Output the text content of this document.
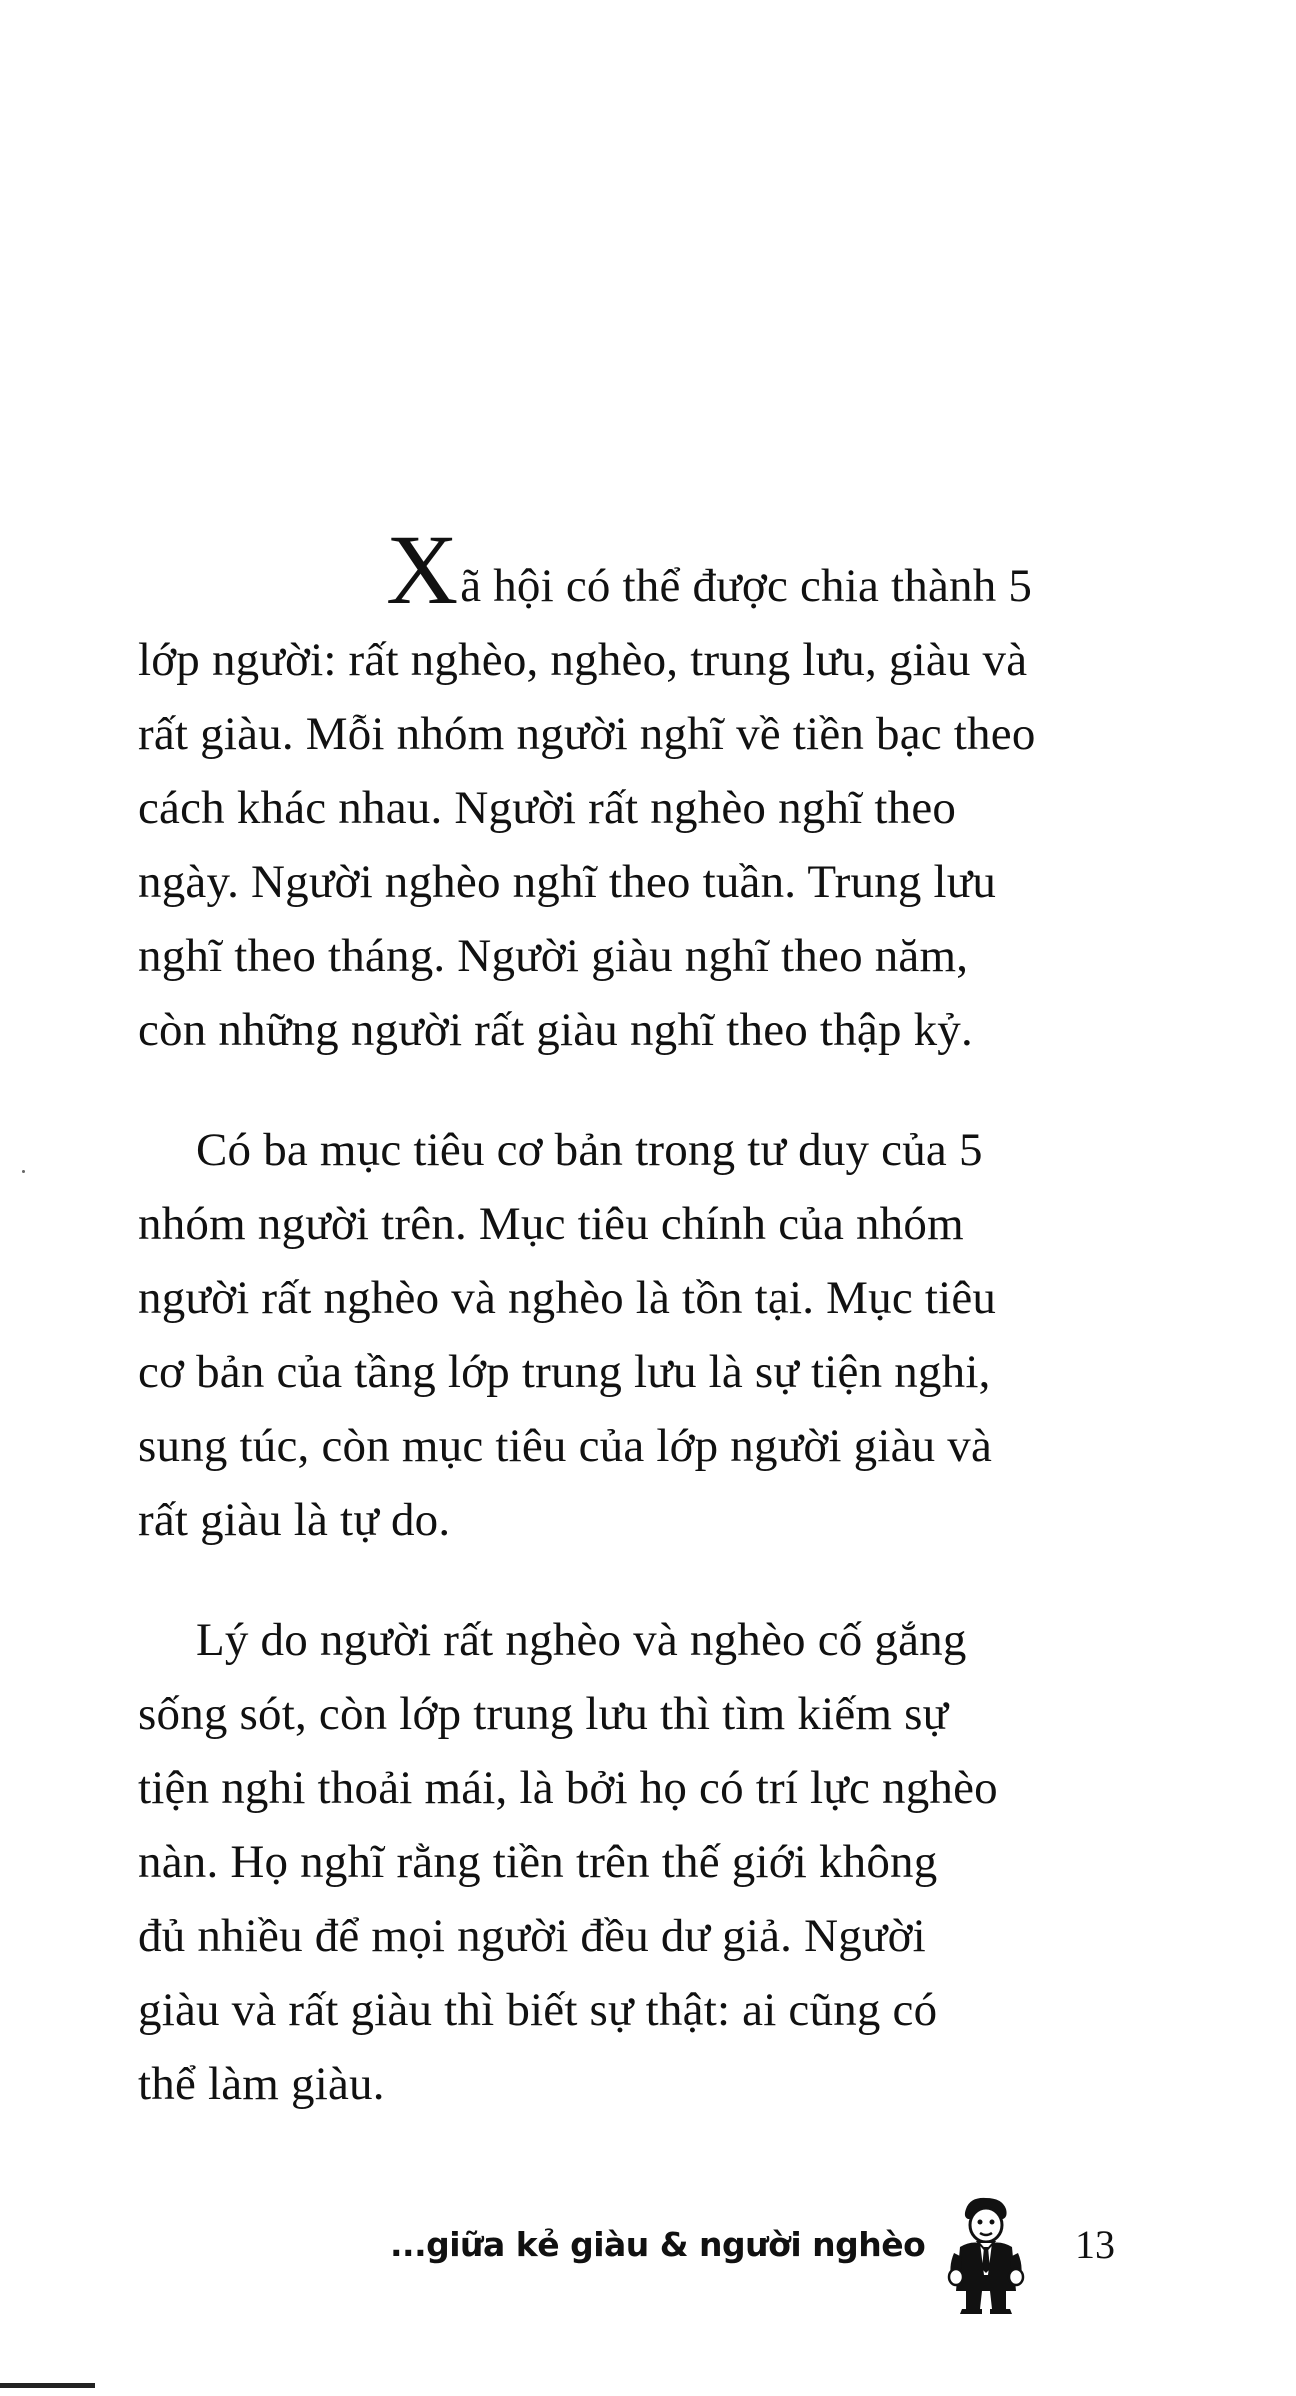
Xã hội có thể được chia thành 5
lớp người: rất nghèo, nghèo, trung lưu, giàu và
rất giàu. Mỗi nhóm người nghĩ về tiền bạc theo
cách khác nhau. Người rất nghèo nghĩ theo
ngày. Người nghèo nghĩ theo tuần. Trung lưu
nghĩ theo tháng. Người giàu nghĩ theo năm,
còn những người rất giàu nghĩ theo thập kỷ.

Có ba mục tiêu cơ bản trong tư duy của 5
nhóm người trên. Mục tiêu chính của nhóm
người rất nghèo và nghèo là tồn tại. Mục tiêu
cơ bản của tầng lớp trung lưu là sự tiện nghi,
sung túc, còn mục tiêu của lớp người giàu và
rất giàu là tự do.

Lý do người rất nghèo và nghèo cố gắng
sống sót, còn lớp trung lưu thì tìm kiếm sự
tiện nghi thoải mái, là bởi họ có trí lực nghèo
nàn. Họ nghĩ rằng tiền trên thế giới không
đủ nhiều để mọi người đều dư giả. Người
giàu và rất giàu thì biết sự thật: ai cũng có
thể làm giàu.

...giữa kẻ giàu & người nghèo	13
